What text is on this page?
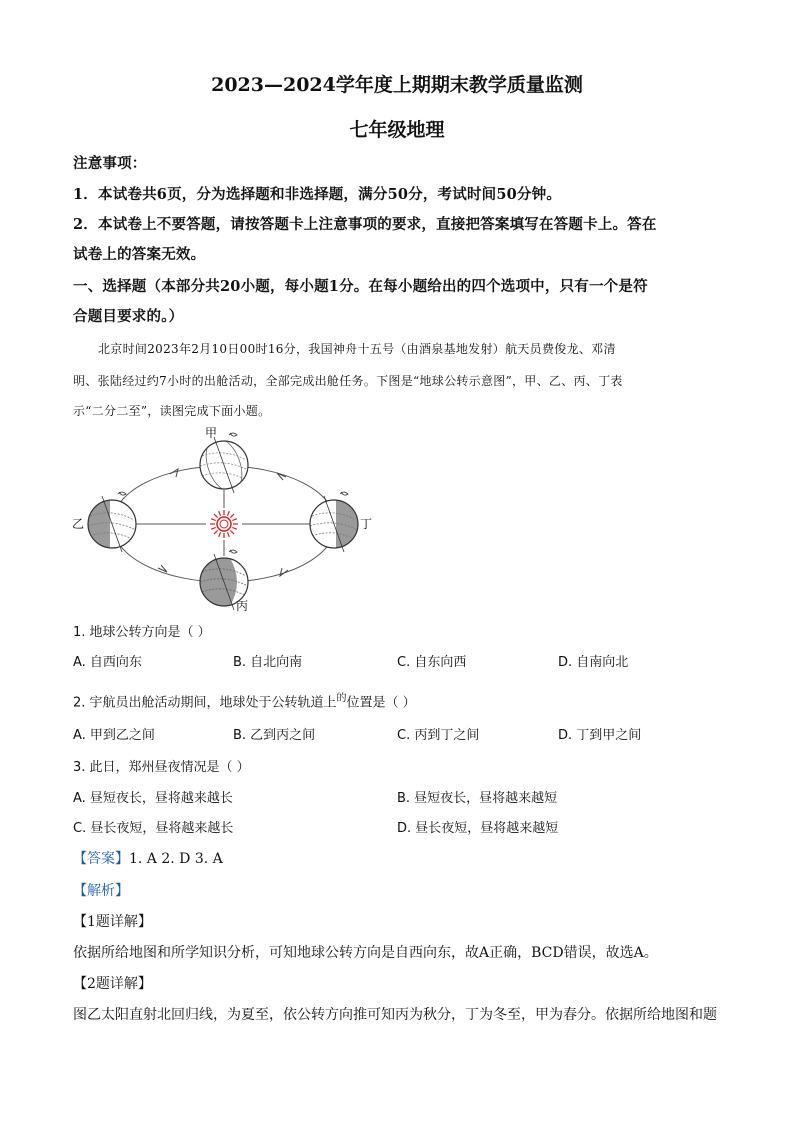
2023—2024学年度上期期末教学质量监测
七年级地理
注意事项：
1．本试卷共6页，分为选择题和非选择题，满分50分，考试时间50分钟。
2．本试卷上不要答题，请按答题卡上注意事项的要求，直接把答案填写在答题卡上。答在
试卷上的答案无效。
一、选择题（本部分共20小题，每小题1分。在每小题给出的四个选项中，只有一个是符
合题目要求的。）
北京时间2023年2月10日00时16分，我国神舟十五号（由酒泉基地发射）航天员费俊龙、邓清
明、张陆经过约7小时的出舱活动，全部完成出舱任务。下图是“地球公转示意图”，甲、乙、丙、丁表
示“二分二至”，读图完成下面小题。
甲
乙	丁
丙
1. 地球公转方向是（ ）
A. 自西向东	B. 自北向南	C. 自东向西	D. 自南向北
2. 宇航员出舱活动期间，地球处于公转轨道上$^的$位置是（ ）
A. 甲到乙之间	B. 乙到丙之间	C. 丙到丁之间	D. 丁到甲之间
3. 此日，郑州昼夜情况是（ ）
A. 昼短夜长，昼将越来越长	B. 昼短夜长，昼将越来越短
C. 昼长夜短，昼将越来越长	D. 昼长夜短，昼将越来越短
【答案】1. A 2. D 3. A
【解析】
【1题详解】
依据所给地图和所学知识分析，可知地球公转方向是自西向东，故A正确，BCD错误，故选A。
【2题详解】
图乙太阳直射北回归线，为夏至，依公转方向推可知丙为秋分，丁为冬至，甲为春分。依据所给地图和题
